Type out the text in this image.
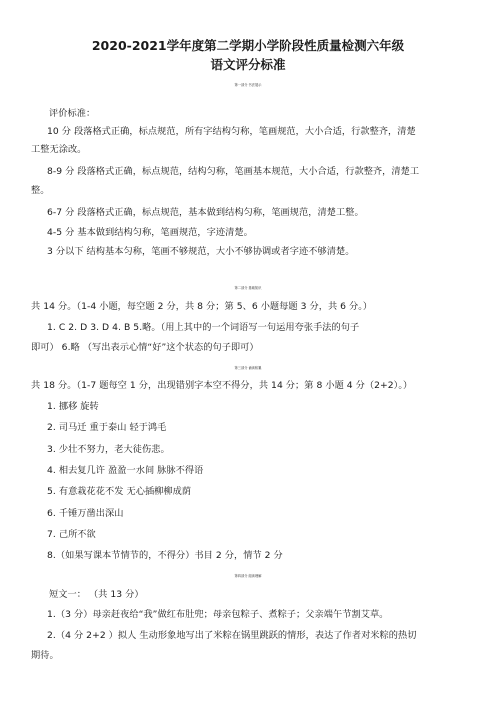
2020-2021学年度第二学期小学阶段性质量检测六年级
语文评分标准
第一部分 书法展示
评价标准：
10 分 段落格式正确，标点规范，所有字结构匀称，笔画规范，大小合适，行款整齐，清楚
工整无涂改。
8-9 分 段落格式正确，标点规范，结构匀称，笔画基本规范，大小合适，行款整齐，清楚工
整。
6-7 分 段落格式正确，标点规范，基本做到结构匀称，笔画规范，清楚工整。
4-5 分 基本做到结构匀称，笔画规范，字迹清楚。
3 分以下 结构基本匀称，笔画不够规范，大小不够协调或者字迹不够清楚。
第二部分 基础知识
共 14 分。（1-4 小题，每空题 2 分，共 8 分；第 5、6 小题每题 3 分，共 6 分。）
1. C 2. D 3. D 4. B 5.略。（用上其中的一个词语写一句运用夸张手法的句子
即可） 6.略 （写出表示心情“好”这个状态的句子即可）
第三部分 诵读积累
共 18 分。（1-7 题每空 1 分，出现错别字本空不得分，共 14 分；第 8 小题 4 分（2+2）。）
1. 挪移 旋转
2. 司马迁 重于泰山 轻于鸿毛
3. 少壮不努力，老大徒伤悲。
4. 相去复几许 盈盈一水间 脉脉不得语
5. 有意栽花花不发 无心插柳柳成荫
6. 千锤万凿出深山
7. 己所不欲
8.（如果写课本节情节的，不得分）书目 2 分，情节 2 分
第四部分 阅读理解
短文一： （共 13 分）
1.（3 分）母亲赶夜给“我”做红布肚兜；母亲包粽子、煮粽子；父亲端午节割艾草。
2.（4 分 2+2 ）拟人 生动形象地写出了米粽在锅里跳跃的情形，表达了作者对米粽的热切
期待。
